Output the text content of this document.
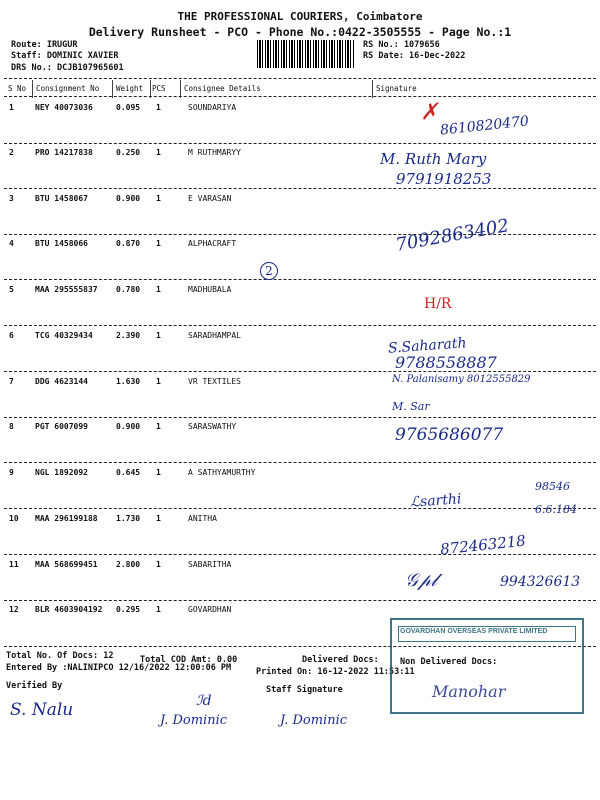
THE PROFESSIONAL COURIERS, Coimbatore
Delivery Runsheet - PCO - Phone No.:0422-3505555 - Page No.:1
Route: IRUGUR
Staff: DOMINIC XAVIER
DRS No.: DCJB107965601
RS No.: 1079656
RS Date: 16-Dec-2022
S No Consignment No Weight PCS Consignee Details	Signature
1	NEY 40073036	0.095 1	SOUNDARIYA
2	PRO 14217838	0.250 1	M RUTHMARYY
3	BTU 1458067	0.900 1	E VARASAN
4	BTU 1458066	0.870 1	ALPHACRAFT
5	MAA 295555837 0.780 1	MADHUBALA
6	TCG 40329434	2.390 1	SARADHAMPAL
7	DDG 4623144	1.630 1	VR TEXTILES
8	PGT 6007099	0.900 1	SARASWATHY
9	NGL 1892092	0.645 1	A SATHYAMURTHY
10 MAA 296199188 1.730 1	ANITHA
11 MAA 568699451 2.800 1	SABARITHA
12 BLR 4603904192 0.295 1	GOVARDHAN
✗
8610820470
M. Ruth Mary
9791918253
7092863402
2
H/R
S.Saharath
9788558887
N. Palanisamy 8012555829
M. Sar
9765686077
98546
ℒsarthi	6.6.184
872463218
𝒢𝓅𝓁	994326613
Total No. Of Docs: 12	Total COD Amt: 0.00	Delivered Docs: Non Delivered Docs:
Entered By :NALINIPCO 12/16/2022 12:00:06 PM	Printed On: 16-12-2022 11:53:11
Verified By	Staff Signature
S. Nalu	ℐd
J. Dominic	J. Dominic
GOVARDHAN OVERSEAS PRIVATE LIMITED
Manohar
